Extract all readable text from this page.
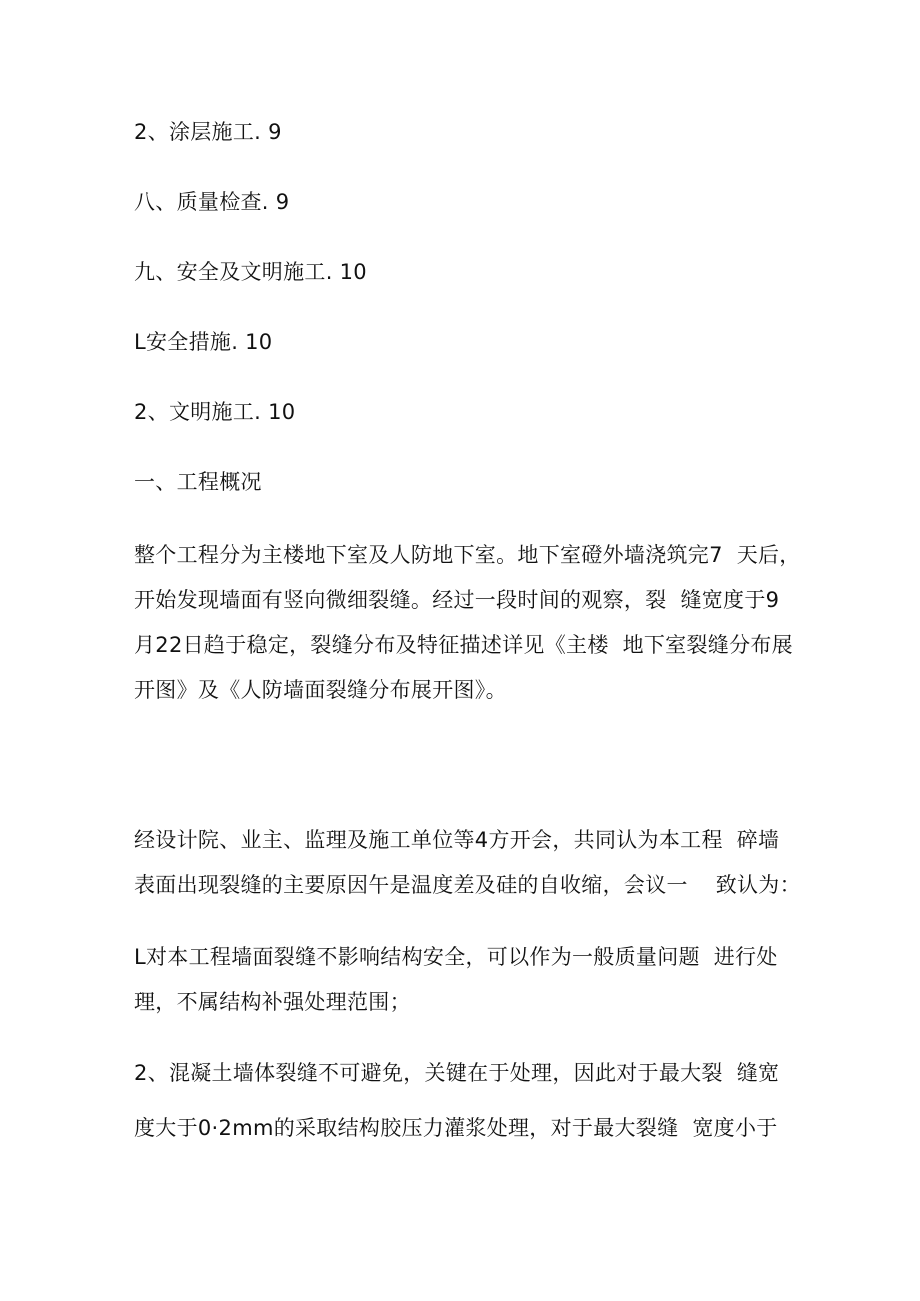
2、涂层施工. 9

八、质量检查. 9

九、安全及文明施工. 10

L安全措施. 10

2、文明施工. 10

一、工程概况

整个工程分为主楼地下室及人防地下室。地下室磴外墙浇筑完7  天后，

开始发现墙面有竖向微细裂缝。经过一段时间的观察，裂  缝宽度于9

月22日趋于稳定，裂缝分布及特征描述详见《主楼  地下室裂缝分布展

开图》及《人防墙面裂缝分布展开图》。

经设计院、业主、监理及施工单位等4方开会，共同认为本工程  碎墙

表面出现裂缝的主要原因午是温度差及硅的自收缩，会议一    致认为：

L对本工程墙面裂缝不影响结构安全，可以作为一般质量问题  进行处

理，不属结构补强处理范围；

2、混凝土墙体裂缝不可避免，关键在于处理，因此对于最大裂  缝宽

度大于0·2mm的采取结构胶压力灌浆处理，对于最大裂缝  宽度小于
